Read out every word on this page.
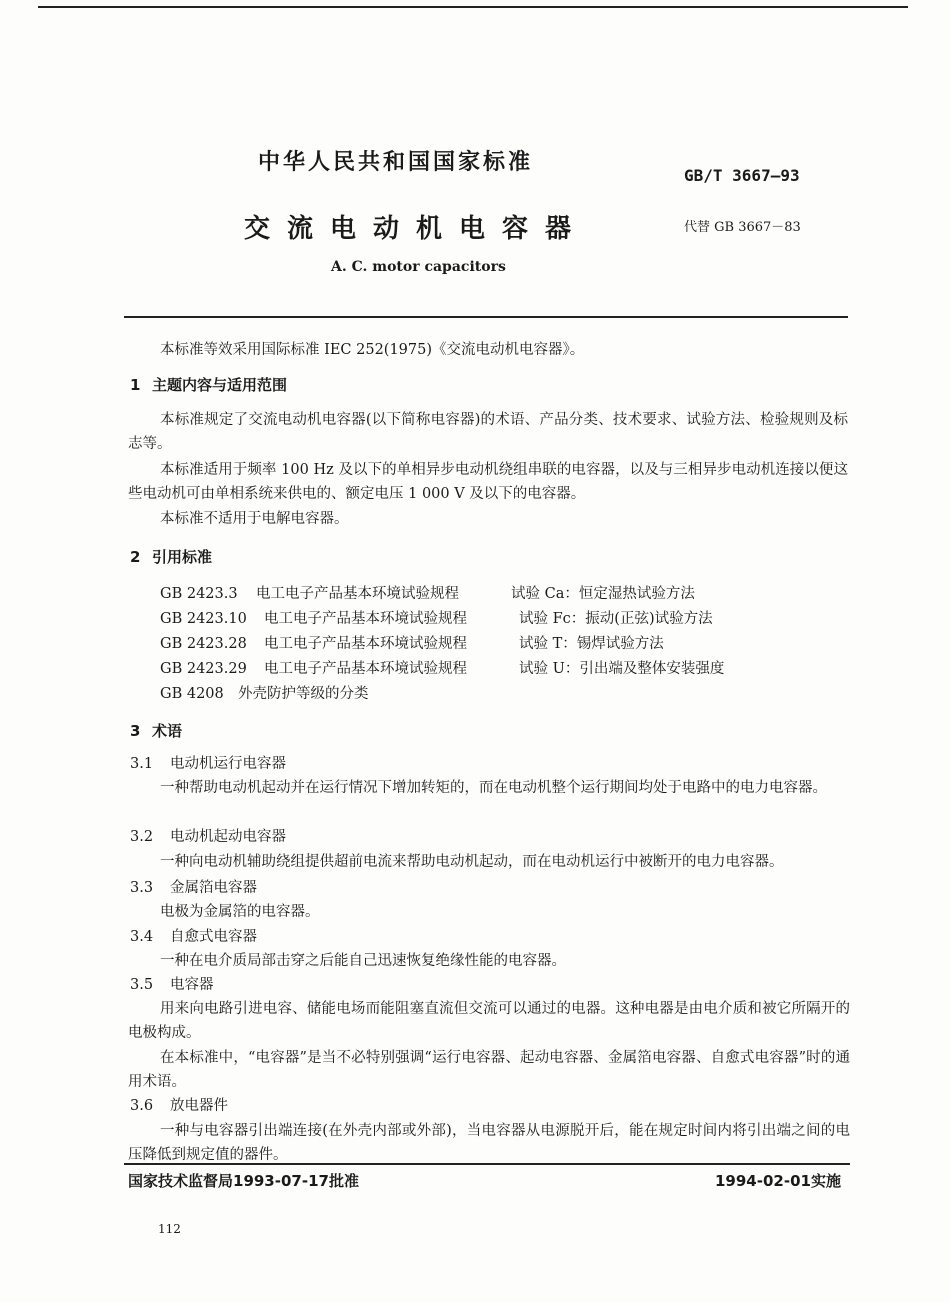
中华人民共和国国家标准
GB/T 3667—93
交流电动机电容器	代替 GB 3667－83
A. C. motor capacitors
本标准等效采用国际标准 IEC 252(1975)《交流电动机电容器》。
1 主题内容与适用范围
本标准规定了交流电动机电容器(以下简称电容器)的术语、产品分类、技术要求、试验方法、检验规则及标志等。
本标准适用于频率 100 Hz 及以下的单相异步电动机绕组串联的电容器，以及与三相异步电动机连接以便这些电动机可由单相系统来供电的、额定电压 1 000 V 及以下的电容器。
本标准不适用于电解电容器。
2 引用标准
GB 2423.3 电工电子产品基本环境试验规程	试验 Ca：恒定湿热试验方法
GB 2423.10 电工电子产品基本环境试验规程	试验 Fc：振动(正弦)试验方法
GB 2423.28 电工电子产品基本环境试验规程	试验 T：锡焊试验方法
GB 2423.29 电工电子产品基本环境试验规程	试验 U：引出端及整体安装强度
GB 4208 外壳防护等级的分类
3 术语
3.1 电动机运行电容器
一种帮助电动机起动并在运行情况下增加转矩的，而在电动机整个运行期间均处于电路中的电力电容器。
3.2 电动机起动电容器
一种向电动机辅助绕组提供超前电流来帮助电动机起动，而在电动机运行中被断开的电力电容器。
3.3 金属箔电容器
电极为金属箔的电容器。
3.4 自愈式电容器
一种在电介质局部击穿之后能自己迅速恢复绝缘性能的电容器。
3.5 电容器
用来向电路引进电容、储能电场而能阻塞直流但交流可以通过的电器。这种电器是由电介质和被它所隔开的电极构成。
在本标准中，“电容器”是当不必特别强调“运行电容器、起动电容器、金属箔电容器、自愈式电容器”时的通用术语。
3.6 放电器件
一种与电容器引出端连接(在外壳内部或外部)，当电容器从电源脱开后，能在规定时间内将引出端之间的电压降低到规定值的器件。
国家技术监督局1993-07-17批准	1994-02-01实施
112
